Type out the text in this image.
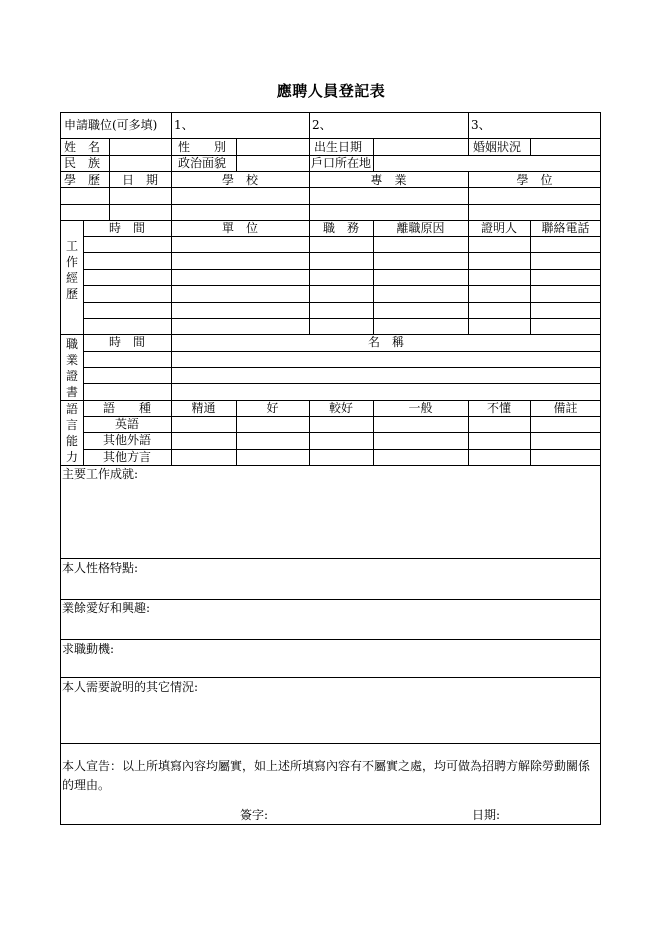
應聘人員登記表
申請職位(可多填) 1、	2、	3、
姓　名	性　　別	出生日期	婚姻狀況
民　族	政治面貌	戶口所在地
學　歷	日　期	學　校	專　業	學　位
工
作
經
歷
時　間	單　位	職　務	離職原因	證明人	聯絡電話
職
業
證
書
時　間	名　稱
語
言
能
力
語　　種	精通	好	較好	一般	不懂	備註
英語
其他外語
其他方言
主要工作成就:
本人性格特點:
業餘愛好和興趣:
求職動機:
本人需要說明的其它情況:
本人宣告：以上所填寫內容均屬實，如上述所填寫內容有不屬實之處，均可做為招聘方解除勞動關係的理由。
簽字:	日期:
